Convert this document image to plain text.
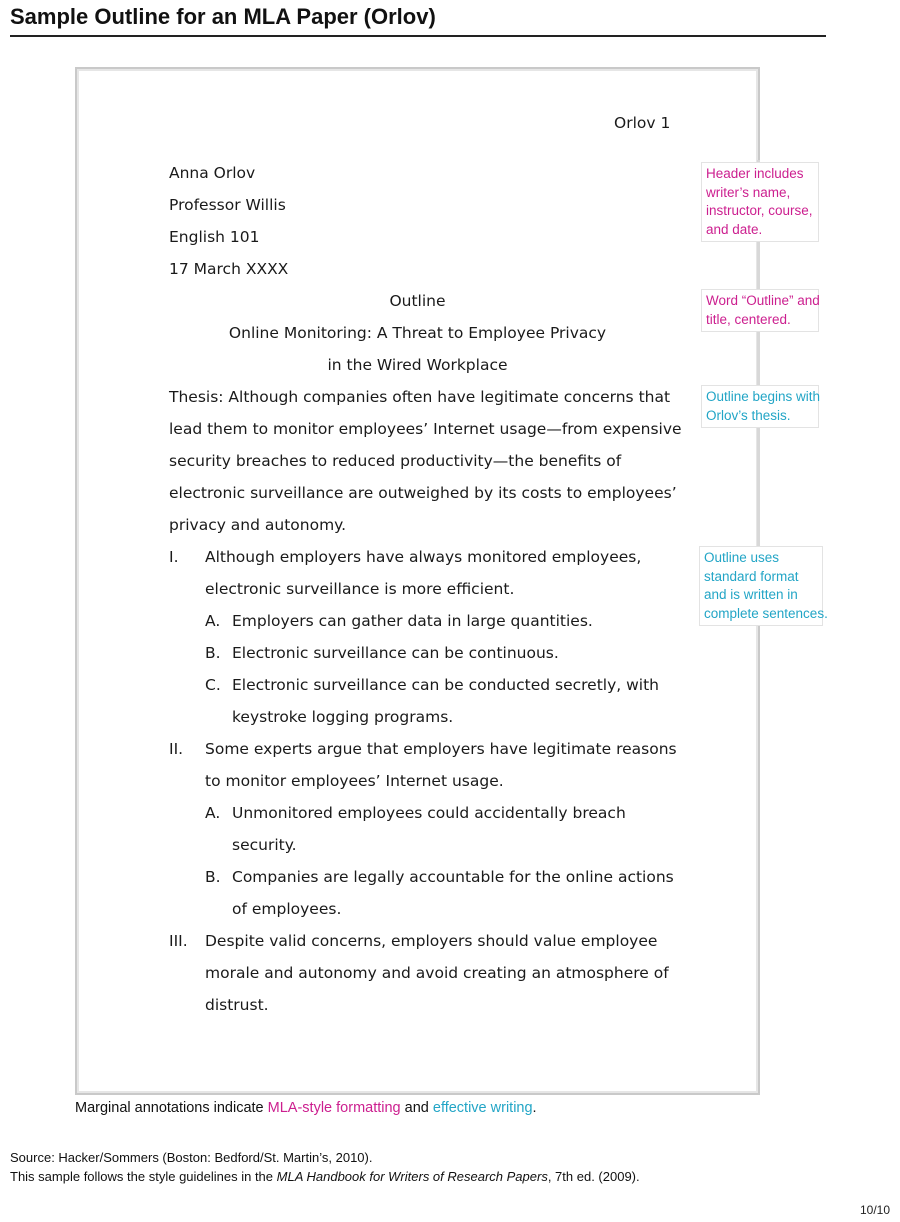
Sample Outline for an MLA Paper (Orlov)
Orlov 1
Anna Orlov
Professor Willis
English 101
17 March XXXX
Outline
Online Monitoring: A Threat to Employee Privacy
in the Wired Workplace
Thesis: Although companies often have legitimate concerns that
lead them to monitor employees’ Internet usage—from expensive
security breaches to reduced productivity—the benefits of
electronic surveillance are outweighed by its costs to employees’
privacy and autonomy.
I. Although employers have always monitored employees,
electronic surveillance is more efficient.
A. Employers can gather data in large quantities.
B. Electronic surveillance can be continuous.
C. Electronic surveillance can be conducted secretly, with
keystroke logging programs.
II. Some experts argue that employers have legitimate reasons
to monitor employees’ Internet usage.
A. Unmonitored employees could accidentally breach
security.
B. Companies are legally accountable for the online actions
of employees.
III. Despite valid concerns, employers should value employee
morale and autonomy and avoid creating an atmosphere of
distrust.
Header includes
writer’s name,
instructor, course,
and date.
Word “Outline” and
title, centered.
Outline begins with
Orlov’s thesis.
Outline uses
standard format
and is written in
complete sentences.
Marginal annotations indicate MLA-style formatting and effective writing.
Source: Hacker/Sommers (Boston: Bedford/St. Martin’s, 2010).
This sample follows the style guidelines in the MLA Handbook for Writers of Research Papers, 7th ed. (2009).
10/10
